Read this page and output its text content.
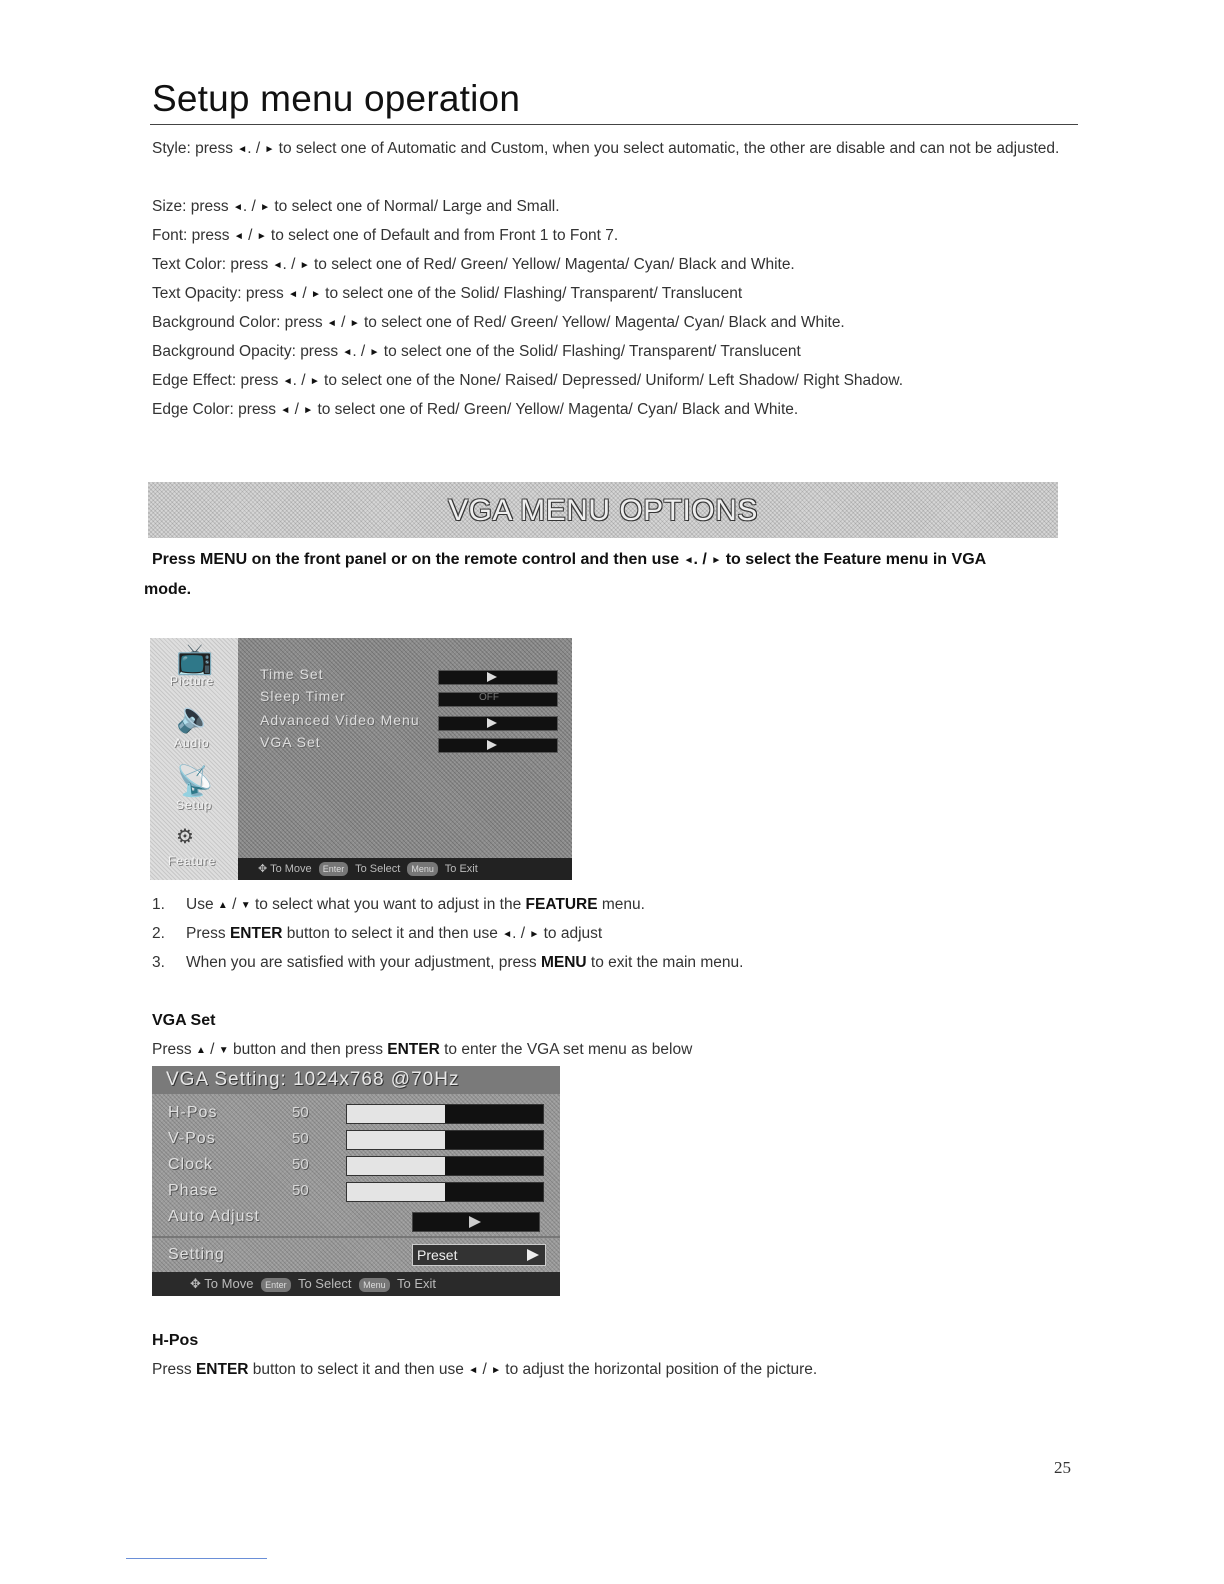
Setup menu operation
Style: press ◄. / ► to select one of Automatic and Custom, when you select automatic, the other are disable and can not be adjusted.
Size: press ◄. / ► to select one of Normal/ Large and Small.
Font: press ◄ / ► to select one of Default and from Front 1 to Font 7.
Text Color: press ◄. / ► to select one of Red/ Green/ Yellow/ Magenta/ Cyan/ Black and White.
Text Opacity: press ◄ / ► to select one of the Solid/ Flashing/ Transparent/ Translucent
Background Color: press ◄ / ► to select one of Red/ Green/ Yellow/ Magenta/ Cyan/ Black and White.
Background Opacity: press ◄. / ► to select one of the Solid/ Flashing/ Transparent/ Translucent
Edge Effect: press ◄. / ► to select one of the None/ Raised/ Depressed/ Uniform/ Left Shadow/ Right Shadow.
Edge Color: press ◄ / ► to select one of Red/ Green/ Yellow/ Magenta/ Cyan/ Black and White.
VGA MENU OPTIONS
Press MENU on the front panel or on the remote control and then use ◄. / ► to select the Feature menu in VGA
mode.
📺
Picture
🔈
Audio
📡
Setup
⚙
Feature
Time Set
Sleep Timer	OFF
Advanced Video Menu
VGA Set
✥ To Move Enter To Select Menu To Exit
1. Use ▲ / ▼ to select what you want to adjust in the FEATURE menu.
2. Press ENTER button to select it and then use ◄. / ► to adjust
3. When you are satisfied with your adjustment, press MENU to exit the main menu.
VGA Set
Press ▲ / ▼ button and then press ENTER to enter the VGA set menu as below
VGA Setting: 1024x768 @70Hz
H-Pos	50
V-Pos	50
Clock	50
Phase	50
Auto Adjust
Setting	Preset
✥ To Move Enter To Select Menu To Exit
H-Pos
Press ENTER button to select it and then use ◄ / ► to adjust the horizontal position of the picture.
25
